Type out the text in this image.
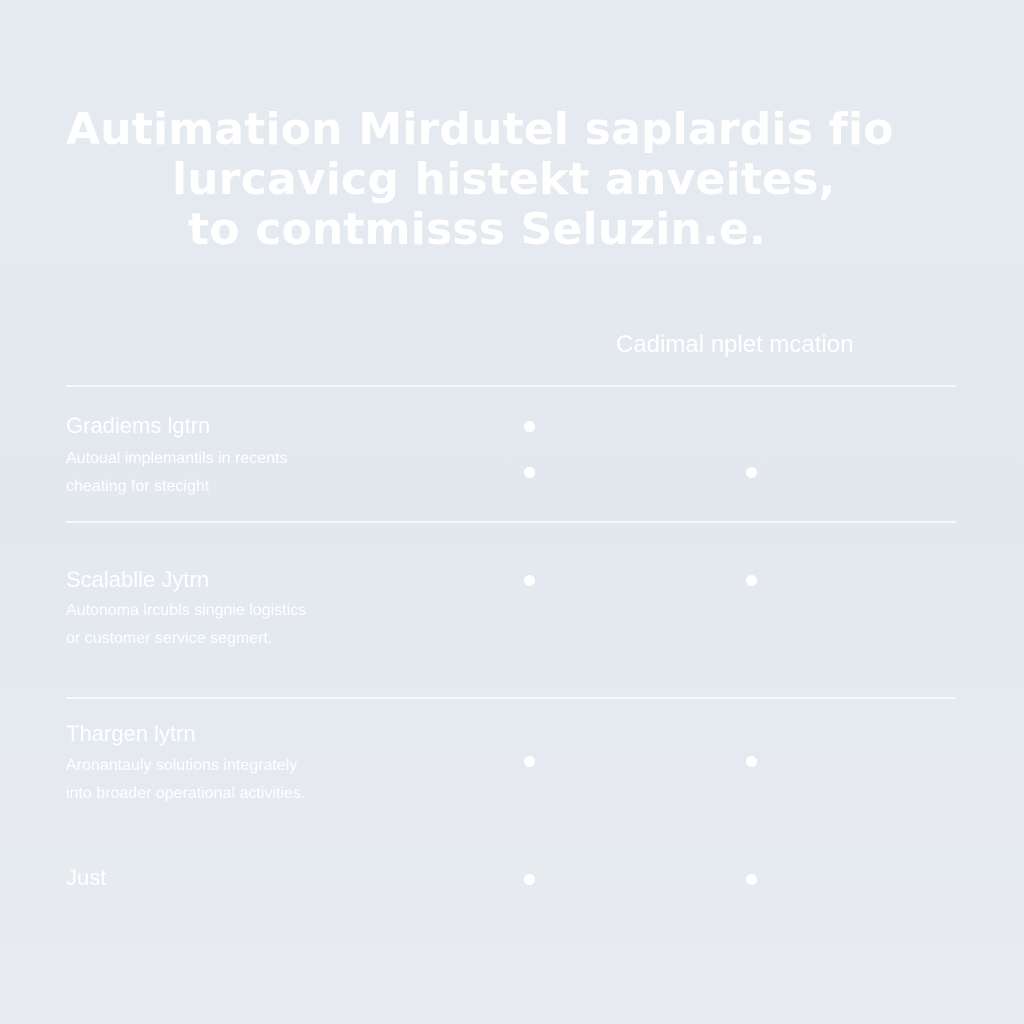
Autimation Mirdutel saplardis fio
lurcavicg histekt anveites,
to contmisss Seluzin.e.
Cadimal nplet mcation
Gradiems lgtrn
Autoual implemantils in recents
cheating for stecight
Scalablle Jytrn
Autonoma lrcubls singnie logistics
or customer service segmert.
Thargen lytrn
Aronantauly solutions integrately
into broader operational activities.
Just
